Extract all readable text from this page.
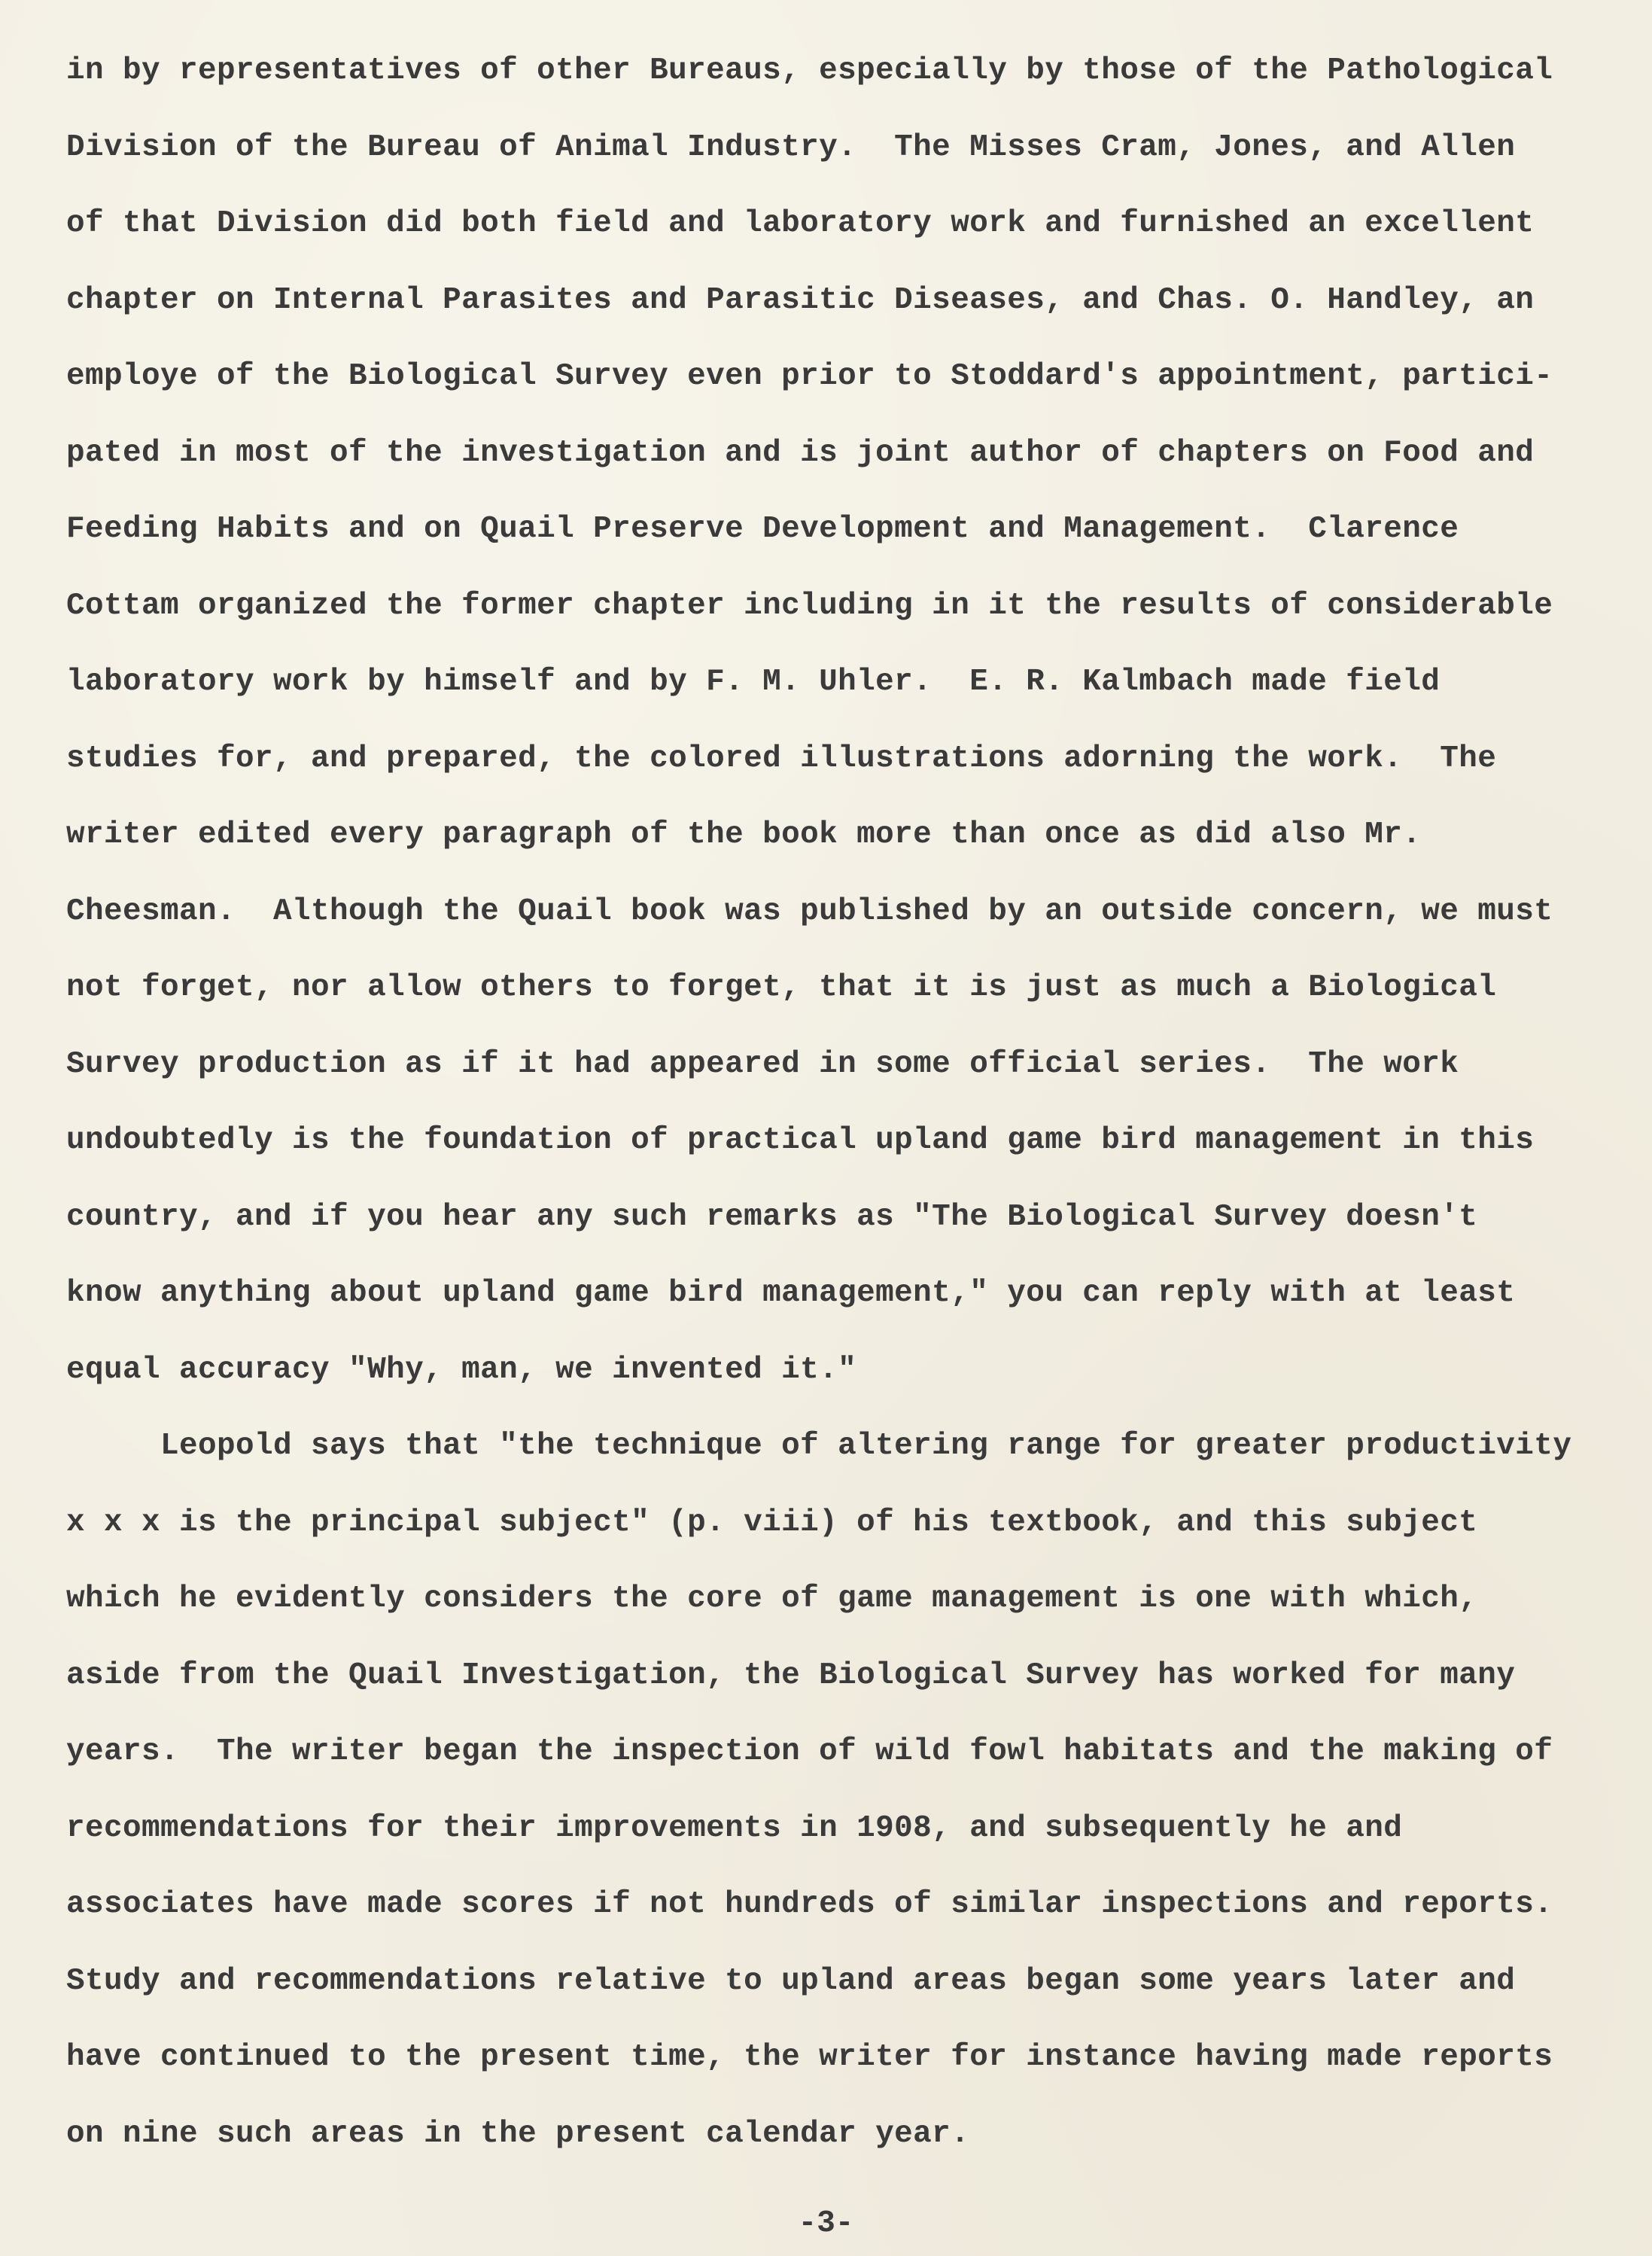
in by representatives of other Bureaus, especially by those of the Pathological
Division of the Bureau of Animal Industry.  The Misses Cram, Jones, and Allen
of that Division did both field and laboratory work and furnished an excellent
chapter on Internal Parasites and Parasitic Diseases, and Chas. O. Handley, an
employe of the Biological Survey even prior to Stoddard's appointment, partici-
pated in most of the investigation and is joint author of chapters on Food and
Feeding Habits and on Quail Preserve Development and Management.  Clarence
Cottam organized the former chapter including in it the results of considerable
laboratory work by himself and by F. M. Uhler.  E. R. Kalmbach made field
studies for, and prepared, the colored illustrations adorning the work.  The
writer edited every paragraph of the book more than once as did also Mr.
Cheesman.  Although the Quail book was published by an outside concern, we must
not forget, nor allow others to forget, that it is just as much a Biological
Survey production as if it had appeared in some official series.  The work
undoubtedly is the foundation of practical upland game bird management in this
country, and if you hear any such remarks as "The Biological Survey doesn't
know anything about upland game bird management," you can reply with at least
equal accuracy "Why, man, we invented it."
Leopold says that "the technique of altering range for greater productivity
x x x is the principal subject" (p. viii) of his textbook, and this subject
which he evidently considers the core of game management is one with which,
aside from the Quail Investigation, the Biological Survey has worked for many
years.  The writer began the inspection of wild fowl habitats and the making of
recommendations for their improvements in 1908, and subsequently he and
associates have made scores if not hundreds of similar inspections and reports.
Study and recommendations relative to upland areas began some years later and
have continued to the present time, the writer for instance having made reports
on nine such areas in the present calendar year.
-3-
